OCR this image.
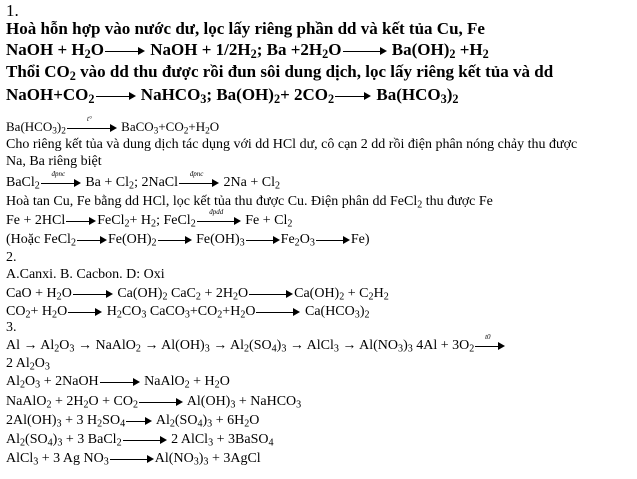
1.
Hoà hỗn hợp vào nước dư, lọc lấy riêng phần dd và kết tủa Cu, Fe
NaOH + $H_2O$ NaOH + $1/2H_2$; $Ba +2H_2O$	$Ba(OH)_2 +H_2$
Thổi $CO_2$ vào dd thu được rồi đun sôi dung dịch, lọc lấy riêng kết tủa và dd
$NaOH+CO_2$ NaHCO$_3$; $Ba(OH)_2+ 2CO_2$ $Ba(HCO_3)_2$
$Ba(HCO_3)_2$
t°	$BaCO_3+CO_2+H_2O$
Cho riêng kết tủa và dung dịch tác dụng với dd HCl dư, cô cạn 2 dd rồi điện phân nóng chảy thu được
Na, Ba riêng biệt
BaCl$_2$
đpnc
$Ba + Cl_2$; 2NaCl
đpnc
$2Na + Cl_2$
Hoà tan Cu, Fe bằng dd HCl, lọc kết tủa thu được Cu. Điện phân dd FeCl$_2$ thu được Fe
Fe + 2HCl FeCl$_2$+ $H_2$; FeCl$_2$
đpdd
$Fe + Cl_2$
(Hoặc FeCl$_2$ $Fe(OH)_2$	$Fe(OH)_3$	$Fe_2O_3$	Fe)
2.
A.Canxi. B. Cacbon. D: Oxi
CaO + $H_2O$	$Ca(OH)_2$ $CaC_2 + 2H_2O$	$Ca(OH)_2 + C_2H_2$
$CO_2+ H_2O$	$H_2CO_3$ $CaCO_3+CO_2+H_2O$	$Ca(HCO_3)_2$
3.
$Al \to Al_2O_3$ → NaAlO$_2$ → $Al(OH)_3 \to Al_2(SO_4)_3$ → AlCl$_3$ → $Al(NO_3)_3$ $4Al + 3O_2$
t0
2 $Al_2O_3$
$Al_2O_3$ + 2NaOH	NaAlO$_2$ + $H_2O$
NaAlO$_2$ + $2H_2O + CO_2$	$Al(OH)_3$ + NaHCO$_3$
$2Al(OH)_3 + 3$ $H_2SO_4$ $Al_2(SO_4)_3 + 6H_2O$
$Al_2(SO_4)_3 + 3$ BaCl$_2$	2 AlCl$_3$ + 3BaSO$_4$
AlCl$_3$ + 3 Ag $NO_3$	$Al(NO_3)_3$ + 3AgCl
